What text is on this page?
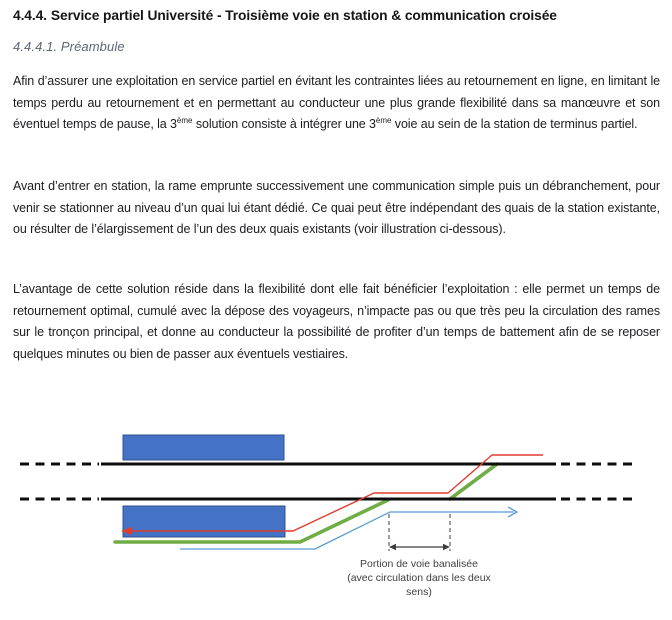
4.4.4. Service partiel Université - Troisième voie en station & communication croisée
4.4.4.1. Préambule

Afin d’assurer une exploitation en service partiel en évitant les contraintes liées au retournement en ligne, en limitant le temps perdu au retournement et en permettant au conducteur une plus grande flexibilité dans sa manœuvre et son éventuel temps de pause, la 3ème solution consiste à intégrer une 3ème voie au sein de la station de terminus partiel.

Avant d’entrer en station, la rame emprunte successivement une communication simple puis un débranchement, pour venir se stationner au niveau d’un quai lui étant dédié. Ce quai peut être indépendant des quais de la station existante, ou résulter de l’élargissement de l’un des deux quais existants (voir illustration ci-dessous).

L’avantage de cette solution réside dans la flexibilité dont elle fait bénéficier l’exploitation : elle permet un temps de retournement optimal, cumulé avec la dépose des voyageurs, n’impacte pas ou que très peu la circulation des rames sur le tronçon principal, et donne au conducteur la possibilité de profiter d’un temps de battement afin de se reposer quelques minutes ou bien de passer aux éventuels vestiaires.

Portion de voie banalisée
(avec circulation dans les deux
sens)
